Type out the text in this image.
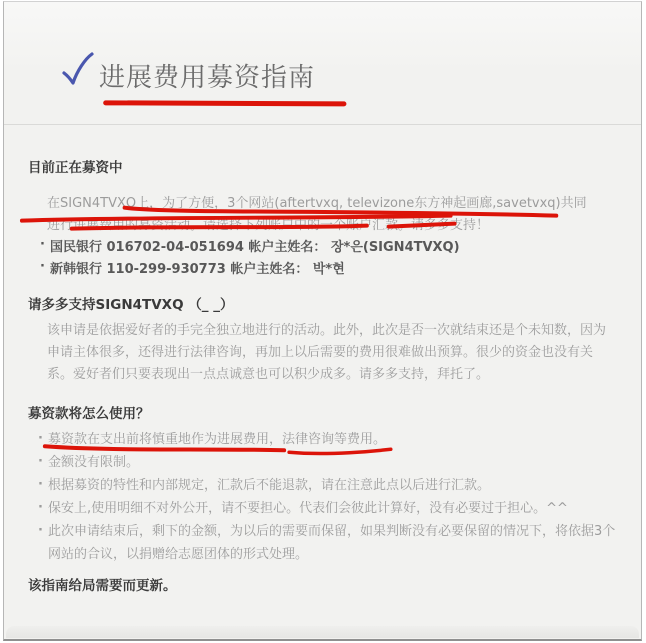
进展费用募资指南
目前正在募资中
在SIGN4TVXQ上，为了方便，3个网站(aftertvxq, televizone东方神起画廊,savetvxq)共同
进行进展费用的募资活动。请选择下列账户中的一个账户汇款。请多多支持！
· 国民银行 016702-04-051694 帐户主姓名： 장*은(SIGN4TVXQ)
· 新韩银行 110-299-930773 帐户主姓名： 박*현
请多多支持SIGN4TVXQ （_ _）
该申请是依据爱好者的手完全独立地进行的活动。此外，此次是否一次就结束还是个未知数，因为申请主体很多，还得进行法律咨询，再加上以后需要的费用很难做出预算。很少的资金也没有关系。爱好者们只要表现出一点点诚意也可以积少成多。请多多支持，拜托了。
募资款将怎么使用？
· 募资款在支出前将慎重地作为进展费用，法律咨询等费用。
· 金额没有限制。
· 根据募资的特性和内部规定，汇款后不能退款，请在注意此点以后进行汇款。
· 保安上,使用明细不对外公开，请不要担心。代表们会彼此计算好，没有必要过于担心。^^
· 此次申请结束后，剩下的金额，为以后的需要而保留，如果判断没有必要保留的情况下，将依据3个网站的合议，以捐赠给志愿团体的形式处理。
该指南给局需要而更新。
